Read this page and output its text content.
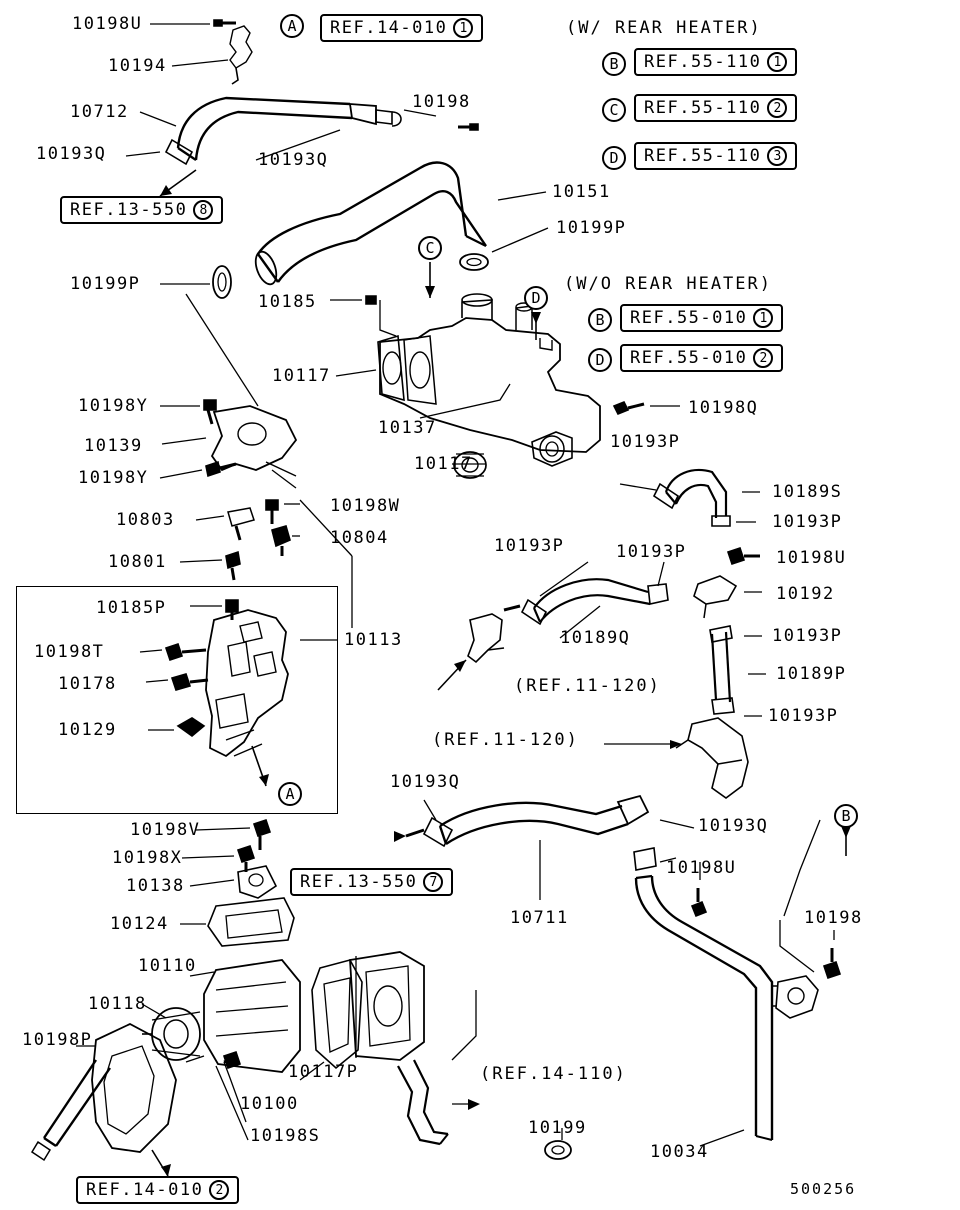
10198U
10194
10712
10193Q
10198
10193Q
10151
10199P
10199P
10185
10117
10137
10117
10198Q
10193P
10198Y
10139
10198Y
10198W
10803
10804
10801
10185P
10198T
10178
10129
10113
10189S
10193P
10193P	10193P	10198U
10192
10193P
10189P
10193P
10189Q
10193Q
10193Q
10198U
10198
10711
10198V
10198X
10138
10124
10110
10118
10198P
10117P
10100
10198S	10199
10034
(W/ REAR HEATER)
(W/O REAR HEATER)
REF.14-010 1
A
B	REF.55-110 1
C	REF.55-110 2
D	REF.55-110 3
REF.13-550 8
B	REF.55-010 1
D	REF.55-010 2
REF.13-550 7
REF.14-010 2
(REF.11-120)
(REF.11-120)
(REF.14-110)
C
D
A
B
500256
